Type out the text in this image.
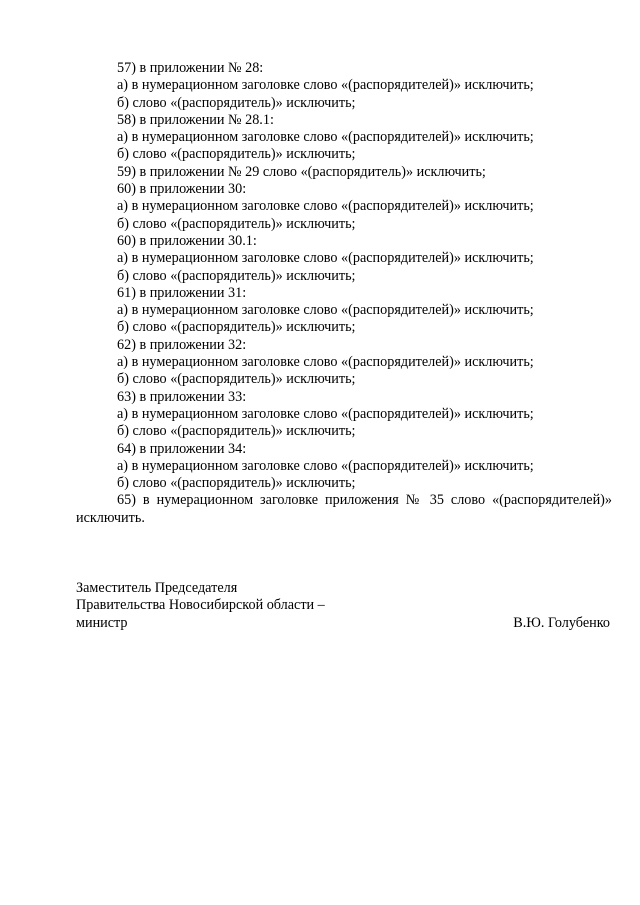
57) в приложении № 28:
а) в нумерационном заголовке слово «(распорядителей)» исключить;
б) слово «(распорядитель)» исключить;
58) в приложении № 28.1:
а) в нумерационном заголовке слово «(распорядителей)» исключить;
б) слово «(распорядитель)» исключить;
59) в приложении № 29 слово «(распорядитель)» исключить;
60) в приложении 30:
а) в нумерационном заголовке слово «(распорядителей)» исключить;
б) слово «(распорядитель)» исключить;
60) в приложении 30.1:
а) в нумерационном заголовке слово «(распорядителей)» исключить;
б) слово «(распорядитель)» исключить;
61) в приложении 31:
а) в нумерационном заголовке слово «(распорядителей)» исключить;
б) слово «(распорядитель)» исключить;
62) в приложении 32:
а) в нумерационном заголовке слово «(распорядителей)» исключить;
б) слово «(распорядитель)» исключить;
63) в приложении 33:
а) в нумерационном заголовке слово «(распорядителей)» исключить;
б) слово «(распорядитель)» исключить;
64) в приложении 34:
а) в нумерационном заголовке слово «(распорядителей)» исключить;
б) слово «(распорядитель)» исключить;
65) в нумерационном заголовке приложения № 35 слово «(распорядителей)»
исключить.
Заместитель Председателя
Правительства Новосибирской области –
министр	В.Ю. Голубенко
